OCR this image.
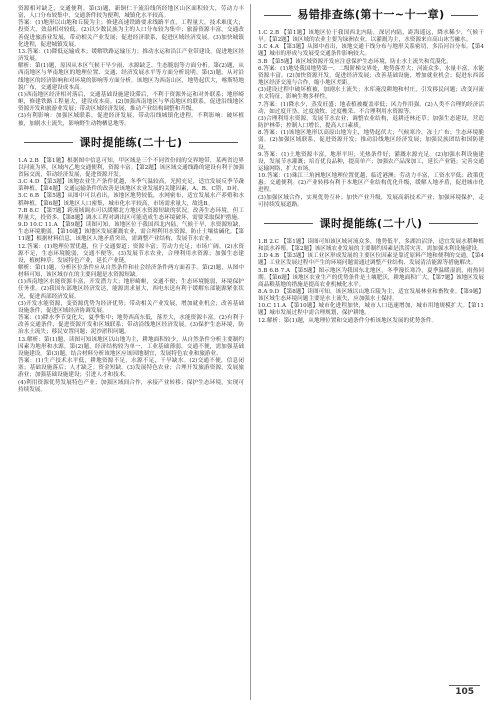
资源相对缺乏，交通便利。第(3)题，新铜仁干流沿线所经地区山区面积较大，劳动力丰富，人口分布较集中，交通条件较为便利，城镇化水平较高。

答案：(1)地形以山地和丘陵为主；修建高速铁路要求线路平直，工程量大，技术难度大；投资大，效益相对较低。(2)以少数民族为主的人口分布较为集中；旅游资源丰富，交通改善促进旅游业发展，带动相关产业发展；促进经济联系，促进区域经济发展。(3)加快城镇化进程，促进城镇发展。

13.答案：(1)降低运输成本；缓解铁路运输压力；推动水运和沿江产业带建设，促进地区经济发展。

解析：第(1)题，原因从本区气候干旱少雨、水源缺乏、生态脆弱等方面分析。第(2)题，从西南地区与华南地区的地理位置、交通、经济发展水平等方面分析说明。第(3)题，从对沿线地区的经济影响和对环境的影响等方面分析。该地区为西南山区，地势起伏大，喀斯特地貌广布，交通建设成本高。

(1)西南地区经济相对落后，交通基础设施建设滞后，不利于资源外运和对外联系；地形崎岖，修建铁路工程量大，建设成本高。(2)加强西南地区与华南地区的联系，促进沿线地区资源开发和旅游业发展；带动区域经济发展，推动产业结构调整和升级。

(3)有利影响：加强区域联系，促进经济发展，带动沿线城镇化进程。不利影响：破坏植被，加剧水土流失，影响野生动物栖息地等。

课时提能练(二十七)

1.A 2.B 【第1题】根据图中信息可知，甲区域是三个不同省份间的交界地带，某两省边界以河流为界，区域内乙地交通便利，资源丰富。【第2题】该区域交通线路的建设有利于加强省际交流，带动经济发展，促进资源开发。

3.C 4.D 【第3题】该地农业生产条件优越，冬季气温较高，光照充足，适宜发展反季节蔬菜种植。【第4题】交通运输条件的改善是该地区农业发展的关键因素，A、B、C错，D对。

5.C 6.B 【第5题】从图中可以看出，该地区地势较低，水网密布，适宜发展水产养殖和水稻种植。【第6题】该地区人口密集，城市化水平较高，市场需求量大，故选B。

7.B 8.C 【第7题】跨流域调水可以缓解北方地区水资源短缺的状况，改善生态环境，但工程量大，投资多。【第8题】调水工程对调出区可能造成生态环境破坏，需要采取保护措施。

9.D 10.C 11.A 【第9题】读图可知，该地区位于我国西北内陆，气候干旱，水资源短缺，生态环境脆弱。【第10题】该地区发展灌溉农业，需合理利用水资源，防止土壤盐碱化。【第11题】根据材料信息，该地区人地矛盾突出，需调整产业结构，发展节水农业。

12.答案：(1)地理位置优越，位于交通要道；资源丰富；劳动力充足；市场广阔。(2)水资源不足，生态环境脆弱，交通不便等。(3)发展节水农业，合理利用水资源；加强生态建设，植树种草；发展特色产业，延长产业链。

解析：第(1)题，分析区位条件应从自然条件和社会经济条件两方面着手。第(2)题，从图中材料可知，该区域存在的主要问题是水资源短缺。

(1)西南地区水能资源丰富，开发潜力大；地形崎岖，交通不便；生态环境脆弱，环境保护任务重。(2)我国东部地区经济发达，能源需求量大，西电东送有利于缓解东部能源紧张状况，促进西部经济发展。

(3)开发水能资源，变资源优势为经济优势；带动相关产业发展，增加就业机会；改善基础设施条件，促进区域经济协调发展。

答案：(1)降水季节变化大，夏季集中；地势西高东低，落差大，水能资源丰富。(2)有利于改善交通条件，促进资源开发和区域联系；带动沿线地区经济发展。(3)保护生态环境，防治水土流失；移民安置问题；泥沙淤积问题。

13.解析：第(1)题，读图可知该地区以山地为主，耕地面积较少，从自然条件分析主要制约因素为地形和水源。第(2)题，经济结构较为单一，工业基础薄弱，交通不便，需加强基础设施建设。第(3)题，结合材料分析该地区应该因地制宜，发展特色农业和旅游业。

答案：(1)生产技术水平低，耕地资源不足，水源不足，干旱缺水。(2)交通不便，信息闭塞；基础设施落后；人才缺乏；资金短缺。(3)发展特色农业；合理开发旅游资源，发展旅游业；加强基础设施建设；引进人才和技术。

(4)利用资源优势发展特色产业；加强区域间合作，承接产业转移；保护生态环境，实现可持续发展。

易错排查练(第十一~十一章)

1.C 2.B 【第1题】该地区位于我国西北内陆，深居内陆，距海遥远，降水稀少，气候干旱。【第2题】该区域的农业主要为绿洲农业，以灌溉为主，水资源来自高山冰雪融水。

3.C 4.A 【第3题】从图中看出，该地交通干线分布与地形关系密切，多沿河谷分布。【第4题】城市的形成与发展受交通条件影响较大。

5.B 【第5题】该区域资源开发应注意保护生态环境，防止水土流失和荒漠化。

6.答案：(1)地处我国地势第一、二级阶梯交界处，地势落差大；河流众多，水量丰富，水能资源丰富。(2)加快资源开发，促进经济发展；改善基础设施，增加就业机会；促进东西部地区经济交流与合作，缩小地区差距。

(3)建设过程中破坏植被，加剧水土流失；水库淹没耕地和村庄，引发移民问题；改变河流水文特征，影响生物多样性。

7.答案：(1)降水少，蒸发旺盛；地表植被覆盖率低；风力作用强。(2)人类不合理的经济活动，如过度开垦、过度放牧、过度樵采、不合理利用水资源等。

(3)合理利用水资源，发展节水农业；调整农业结构，退耕还林还草；加强生态建设，营造防护林带；控制人口增长，提高人口素质。

8.答案：(1)该地区地形以高原山地为主，地势起伏大；气候寒冷，冻土广布；生态环境脆弱。(2)加强区域联系，促进资源开发；推动沿线地区经济发展；加强民族团结和国防建设。

9.答案：(1)土地资源丰富，地形平坦；光热条件好；灌溉水源充足。(2)加强水利设施建设，发展节水灌溉；培育优良品种，提高单产；加强农产品深加工，延长产业链；完善交通运输网络，扩大市场。

10.答案：(1)珠江三角洲地区地理位置优越，临近港澳；劳动力丰富，工资水平低；政策优惠；交通便利。(2)产业转移有利于本地区产业结构优化升级，缓解人地矛盾，促进城市化进程。

(3)加强区域合作，实现优势互补；加快产业升级，发展高新技术产业；加强环境保护，走可持续发展道路。

课时提能练(二十八)

1.B 2.C 【第1题】读图可知该区域河流众多，地势低平，多湖泊沼泽，适宜发展水稻种植和淡水养殖。【第2题】该区域农业发展的主要制约因素是洪涝灾害，需加强水利设施建设。

3.D 4.B 【第3题】该工业区形成发展的主要区位因素是靠近原料产地和便利的交通。【第4题】工业区发展过程中产生的环境问题需通过调整产业结构、发展清洁能源等措施解决。

5.B 6.B 7.A 【第5题】图示地区为我国东北地区，冬季漫长寒冷，夏季温暖湿润，雨热同期。【第6题】该地区农业生产的优势条件是土壤肥沃，耕地面积广大。【第7题】该地区发展商品粮基地的措施是提高农业机械化水平。

8.A 9.D 【第8题】读图可知，该区域以山地丘陵为主，适宜发展林业和畜牧业。【第9题】该区域生态环境问题主要是水土流失，应加强水土保持。

10.C 11.A 【第10题】城市化进程加快，城市人口迅速增加，城市用地规模扩大。【第11题】城市发展过程中需合理规划，保护耕地。

12.解析：第(1)题，从地理位置和交通条件分析该地区发展的优势条件。

105
